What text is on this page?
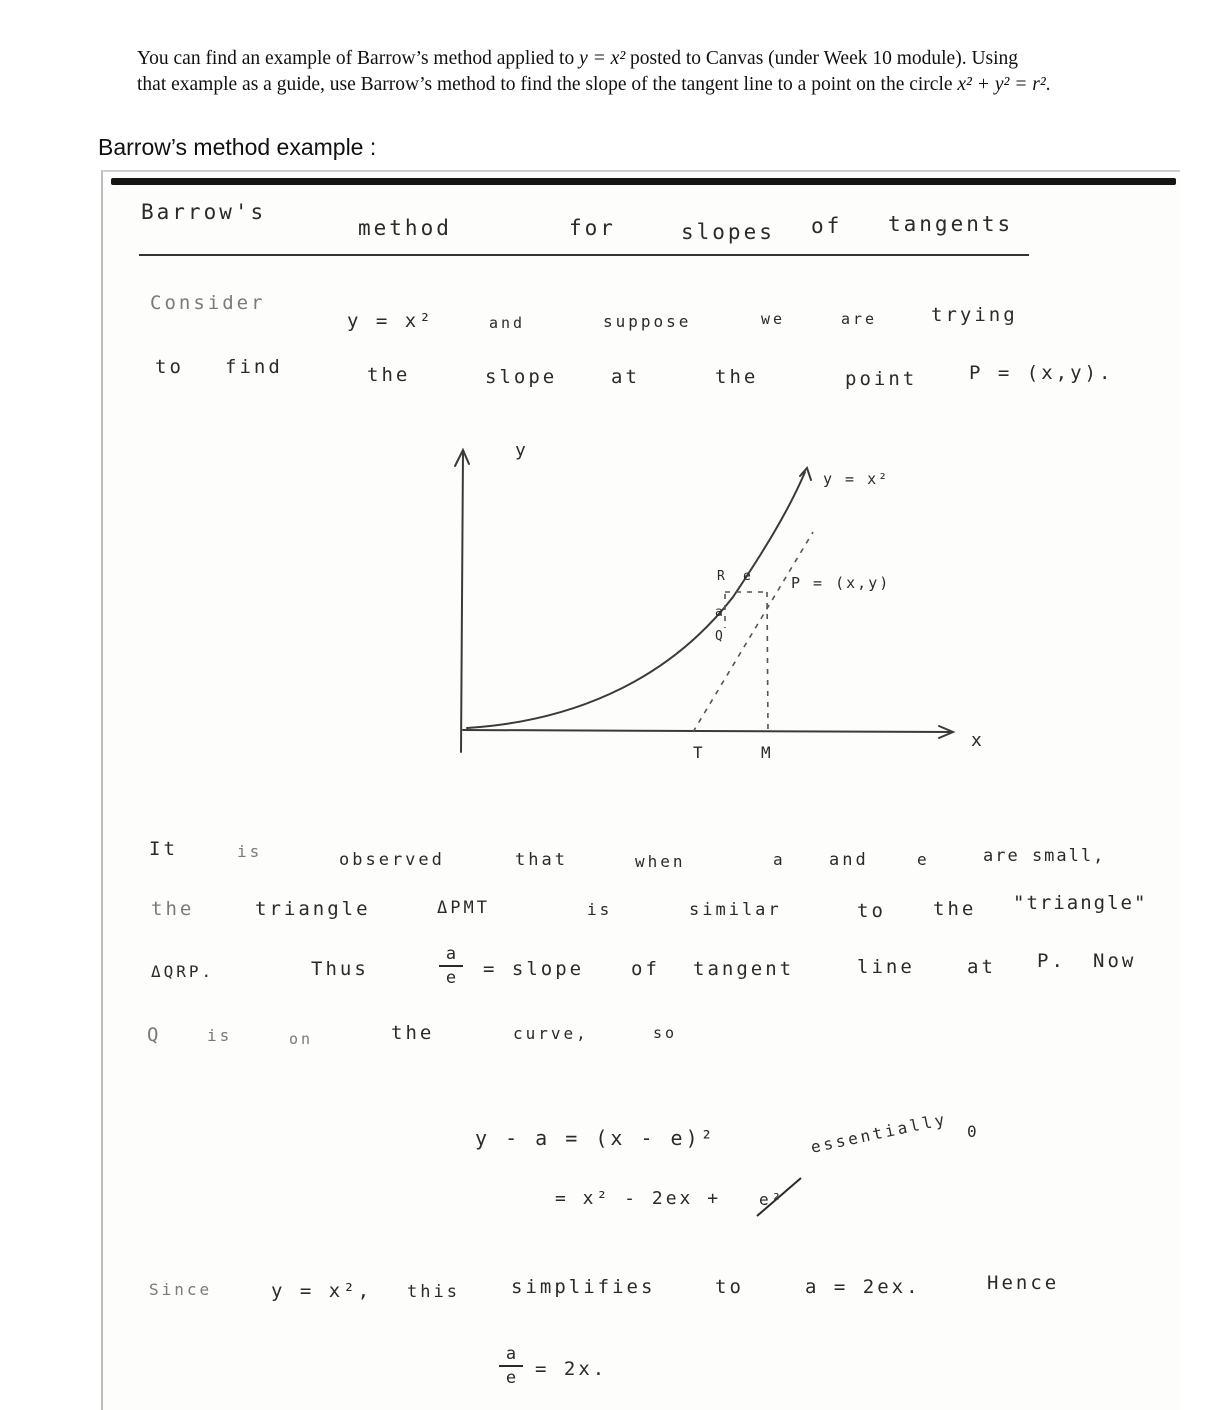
You can find an example of Barrow’s method applied to y = x² posted to Canvas (under Week 10 module). Using
that example as a guide, use Barrow’s method to find the slope of the tangent line to a point on the circle x² + y² = r².
Barrow’s method example :
Barrow's
method	for	slopes of tangents
Consider
y = x²	and	suppose	we	are	trying
to find	the	slope	at	the	point	P = (x,y).
y
x
y = x²
P = (x,y)
R e
a
Q
T	M
It	is	observed	that	when	a	and	e	are small,
the	triangle	ΔPMT	is	similar	to the "triangle"
ΔQRP.	Thus
a
e	= slope of tangent	line	at P. Now
Q	is	on	the	curve,	so
y - a = (x - e)²
= x² - 2ex + e²
essentially 0
Since	y = x², this	simplifies	to	a = 2ex.	Hence
a
e = 2x.
